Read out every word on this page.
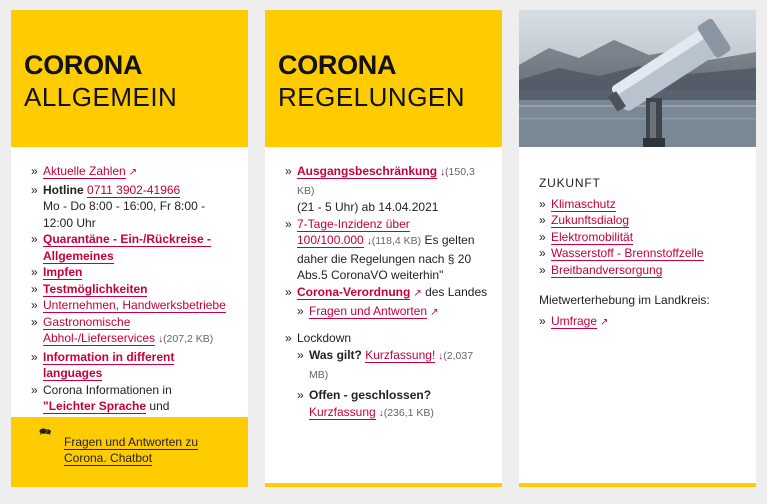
CORONA
ALLGEMEIN
» Aktuelle Zahlen ↗
» Hotline 0711 3902-41966
Mo - Do 8:00 - 16:00, Fr 8:00 - 12:00 Uhr
» Quarantäne - Ein-/Rückreise - Allgemeines
» Impfen
» Testmöglichkeiten
» Unternehmen, Handwerksbetriebe
» Gastronomische Abhol-/Lieferservices ↓(207,2 KB)
» Information in different languages
» Corona Informationen in
"Leichter Sprache und

🗪
Fragen und Antworten zu Corona. Chatbot
CORONA
REGELUNGEN
» Ausgangsbeschränkung ↓(150,3 KB)
(21 - 5 Uhr) ab 14.04.2021
» 7-Tage-Inzidenz über 100/100.000 ↓(118,4 KB) Es gelten daher die Regelungen nach § 20 Abs.5 CoronaVO weiterhin"
» Corona-Verordnung ↗ des Landes
» Fragen und Antworten ↗
» Lockdown
» Was gilt? Kurzfassung! ↓(2,037 MB)
» Offen - geschlossen?
Kurzfassung ↓(236,1 KB)
ZUKUNFT
» Klimaschutz
» Zukunftsdialog
» Elektromobilität
» Wasserstoff - Brennstoffzelle
» Breitbandversorgung
Mietwerterhebung im Landkreis:
» Umfrage ↗
